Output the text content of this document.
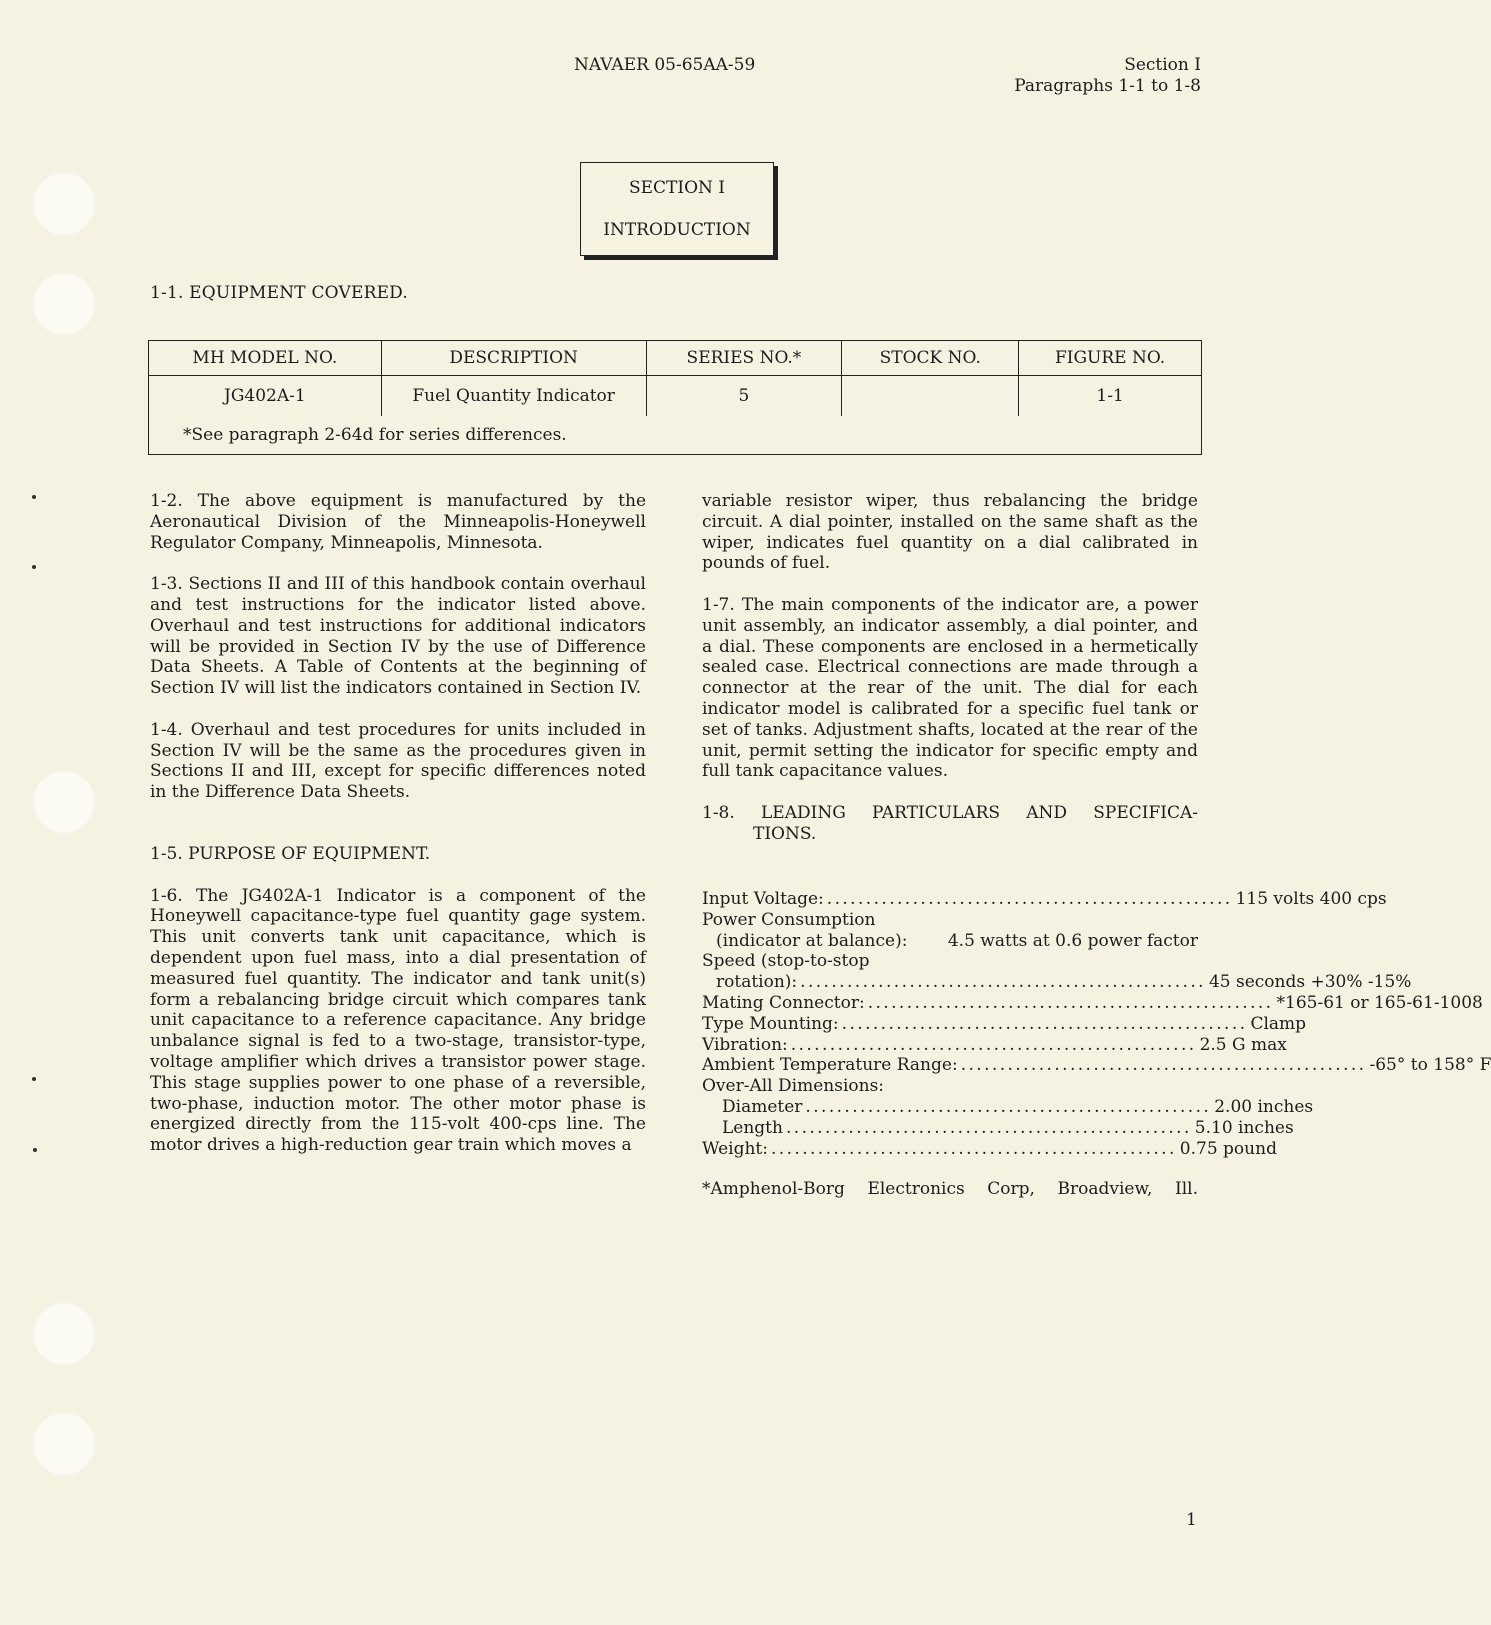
NAVAER 05-65AA-59	Section I
Paragraphs 1-1 to 1-8
SECTION I
INTRODUCTION
1-1. EQUIPMENT COVERED.
MH MODEL NO.	DESCRIPTION	SERIES NO.*	STOCK NO.	FIGURE NO.
JG402A-1	Fuel Quantity Indicator	5		1-1
*See paragraph 2-64d for series differences.				

1-2. The above equipment is manufactured by the Aeronautical Division of the Minneapolis-Honeywell Regulator Company, Minneapolis, Minnesota.

1-3. Sections II and III of this handbook contain overhaul and test instructions for the indicator listed above. Overhaul and test instructions for additional indicators will be provided in Section IV by the use of Difference Data Sheets. A Table of Contents at the beginning of Section IV will list the indicators contained in Section IV.

1-4. Overhaul and test procedures for units included in Section IV will be the same as the procedures given in Sections II and III, except for specific differences noted in the Difference Data Sheets.

1-5. PURPOSE OF EQUIPMENT.

1-6. The JG402A-1 Indicator is a component of the Honeywell capacitance-type fuel quantity gage system. This unit converts tank unit capacitance, which is dependent upon fuel mass, into a dial presentation of measured fuel quantity. The indicator and tank unit(s) form a rebalancing bridge circuit which compares tank unit capacitance to a reference capacitance. Any bridge unbalance signal is fed to a two-stage, transistor-type, voltage amplifier which drives a transistor power stage. This stage supplies power to one phase of a reversible, two-phase, induction motor. The other motor phase is energized directly from the 115-volt 400-cps line. The motor drives a high-reduction gear train which moves a

variable resistor wiper, thus rebalancing the bridge circuit. A dial pointer, installed on the same shaft as the wiper, indicates fuel quantity on a dial calibrated in pounds of fuel.

1-7. The main components of the indicator are, a power unit assembly, an indicator assembly, a dial pointer, and a dial. These components are enclosed in a hermetically sealed case. Electrical connections are made through a connector at the rear of the unit. The dial for each indicator model is calibrated for a specific fuel tank or set of tanks. Adjustment shafts, located at the rear of the unit, permit setting the indicator for specific empty and full tank capacitance values.

1-8. LEADING PARTICULARS AND SPECIFICA-
TIONS.
Input Voltage: .................................................... 115 volts 400 cps
Power Consumption
(indicator at balance): 4.5 watts at 0.6 power factor
Speed (stop-to-stop
rotation): .................................................... 45 seconds +30% -15%
Mating Connector: .................................................... *165-61 or 165-61-1008
Type Mounting: .................................................... Clamp
Vibration: .................................................... 2.5 G max
Ambient Temperature Range: .................................................... -65° to 158° F
Over-All Dimensions:
Diameter .................................................... 2.00 inches
Length .................................................... 5.10 inches
Weight: .................................................... 0.75 pound
*Amphenol-Borg Electronics Corp, Broadview, Ill.
1
